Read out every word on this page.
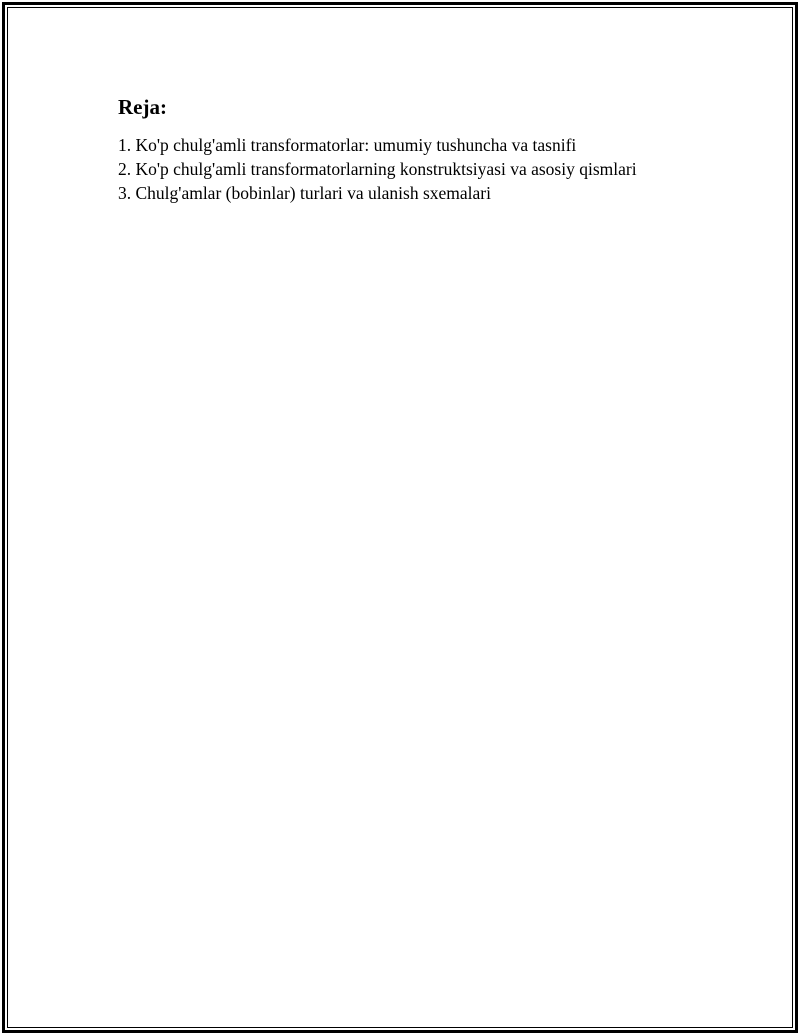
Reja:
1. Ko'p chulg'amli transformatorlar: umumiy tushuncha va tasnifi
2. Ko'p chulg'amli transformatorlarning konstruktsiyasi va asosiy qismlari
3. Chulg'amlar (bobinlar) turlari va ulanish sxemalari
